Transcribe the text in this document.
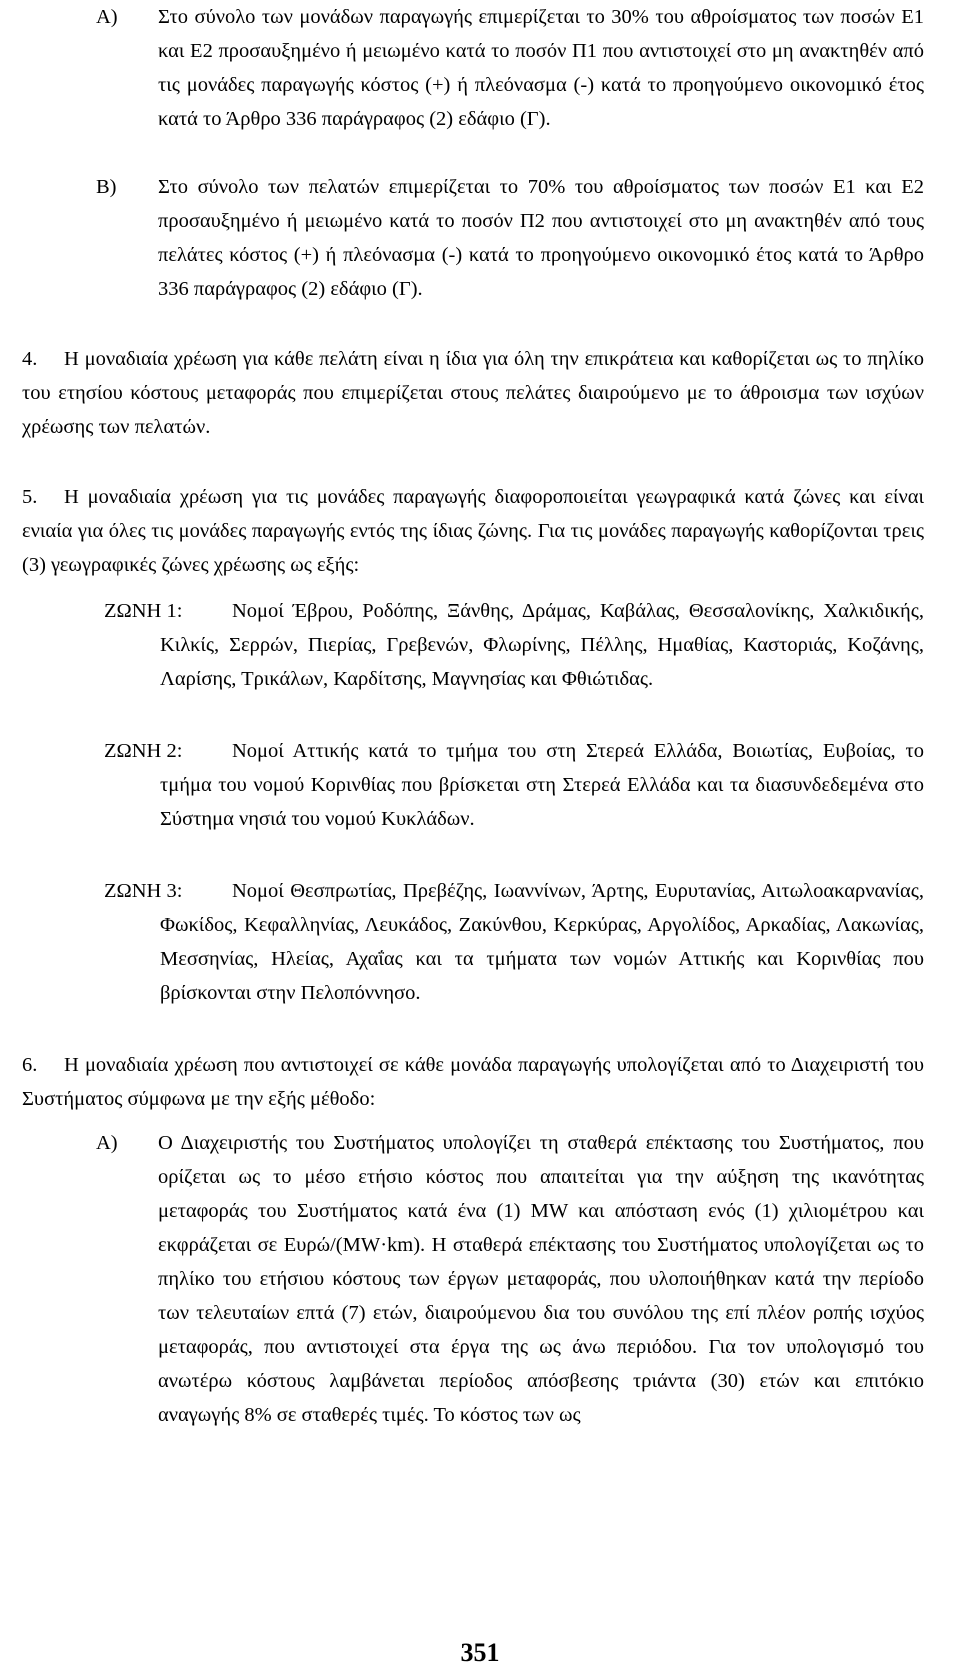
Α) Στο σύνολο των μονάδων παραγωγής επιμερίζεται το 30% του αθροίσματος των ποσών Ε1 και Ε2 προσαυξημένο ή μειωμένο κατά το ποσόν Π1 που αντιστοιχεί στο μη ανακτηθέν από τις μονάδες παραγωγής κόστος (+) ή πλεόνασμα (-) κατά το προηγούμενο οικονομικό έτος κατά το Άρθρο 336 παράγραφος (2) εδάφιο (Γ).
Β) Στο σύνολο των πελατών επιμερίζεται το 70% του αθροίσματος των ποσών Ε1 και Ε2 προσαυξημένο ή μειωμένο κατά το ποσόν Π2 που αντιστοιχεί στο μη ανακτηθέν από τους πελάτες κόστος (+) ή πλεόνασμα (-) κατά το προηγούμενο οικονομικό έτος κατά το Άρθρο 336 παράγραφος (2) εδάφιο (Γ).
4.	Η μοναδιαία χρέωση για κάθε πελάτη είναι η ίδια για όλη την επικράτεια και καθορίζεται ως το πηλίκο του ετησίου κόστους μεταφοράς που επιμερίζεται στους πελάτες διαιρούμενο με το άθροισμα των ισχύων χρέωσης των πελατών.
5.	Η μοναδιαία χρέωση για τις μονάδες παραγωγής διαφοροποιείται γεωγραφικά κατά ζώνες και είναι ενιαία για όλες τις μονάδες παραγωγής εντός της ίδιας ζώνης. Για τις μονάδες παραγωγής καθορίζονται τρεις (3) γεωγραφικές ζώνες χρέωσης ως εξής:
ΖΩΝΗ 1:	Νομοί Έβρου, Ροδόπης, Ξάνθης, Δράμας, Καβάλας, Θεσσαλονίκης, Χαλκιδικής, Κιλκίς, Σερρών, Πιερίας, Γρεβενών, Φλωρίνης, Πέλλης, Ημαθίας, Καστοριάς, Κοζάνης, Λαρίσης, Τρικάλων, Καρδίτσης, Μαγνησίας και Φθιώτιδας.
ΖΩΝΗ 2:	Νομοί Αττικής κατά το τμήμα του στη Στερεά Ελλάδα, Βοιωτίας, Ευβοίας, το τμήμα του νομού Κορινθίας που βρίσκεται στη Στερεά Ελλάδα και τα διασυνδεδεμένα στο Σύστημα νησιά του νομού Κυκλάδων.
ΖΩΝΗ 3:	Νομοί Θεσπρωτίας, Πρεβέζης, Ιωαννίνων, Άρτης, Ευρυτανίας, Αιτωλοακαρνανίας, Φωκίδος, Κεφαλληνίας, Λευκάδος, Ζακύνθου, Κερκύρας, Αργολίδος, Αρκαδίας, Λακωνίας, Μεσσηνίας, Ηλείας, Αχαΐας και τα τμήματα των νομών Αττικής και Κορινθίας που βρίσκονται στην Πελοπόννησο.
6.	Η μοναδιαία χρέωση που αντιστοιχεί σε κάθε μονάδα παραγωγής υπολογίζεται από το Διαχειριστή του Συστήματος σύμφωνα με την εξής μέθοδο:
Α) Ο Διαχειριστής του Συστήματος υπολογίζει τη σταθερά επέκτασης του Συστήματος, που ορίζεται ως το μέσο ετήσιο κόστος που απαιτείται για την αύξηση της ικανότητας μεταφοράς του Συστήματος κατά ένα (1) MW και απόσταση ενός (1) χιλιομέτρου και εκφράζεται σε Ευρώ/(MW·km). Η σταθερά επέκτασης του Συστήματος υπολογίζεται ως το πηλίκο του ετήσιου κόστους των έργων μεταφοράς, που υλοποιήθηκαν κατά την περίοδο των τελευταίων επτά (7) ετών, διαιρούμενου δια του συνόλου της επί πλέον ροπής ισχύος μεταφοράς, που αντιστοιχεί στα έργα της ως άνω περιόδου. Για τον υπολογισμό του ανωτέρω κόστους λαμβάνεται περίοδος απόσβεσης τριάντα (30) ετών και επιτόκιο αναγωγής 8% σε σταθερές τιμές. Το κόστος των ως
351
